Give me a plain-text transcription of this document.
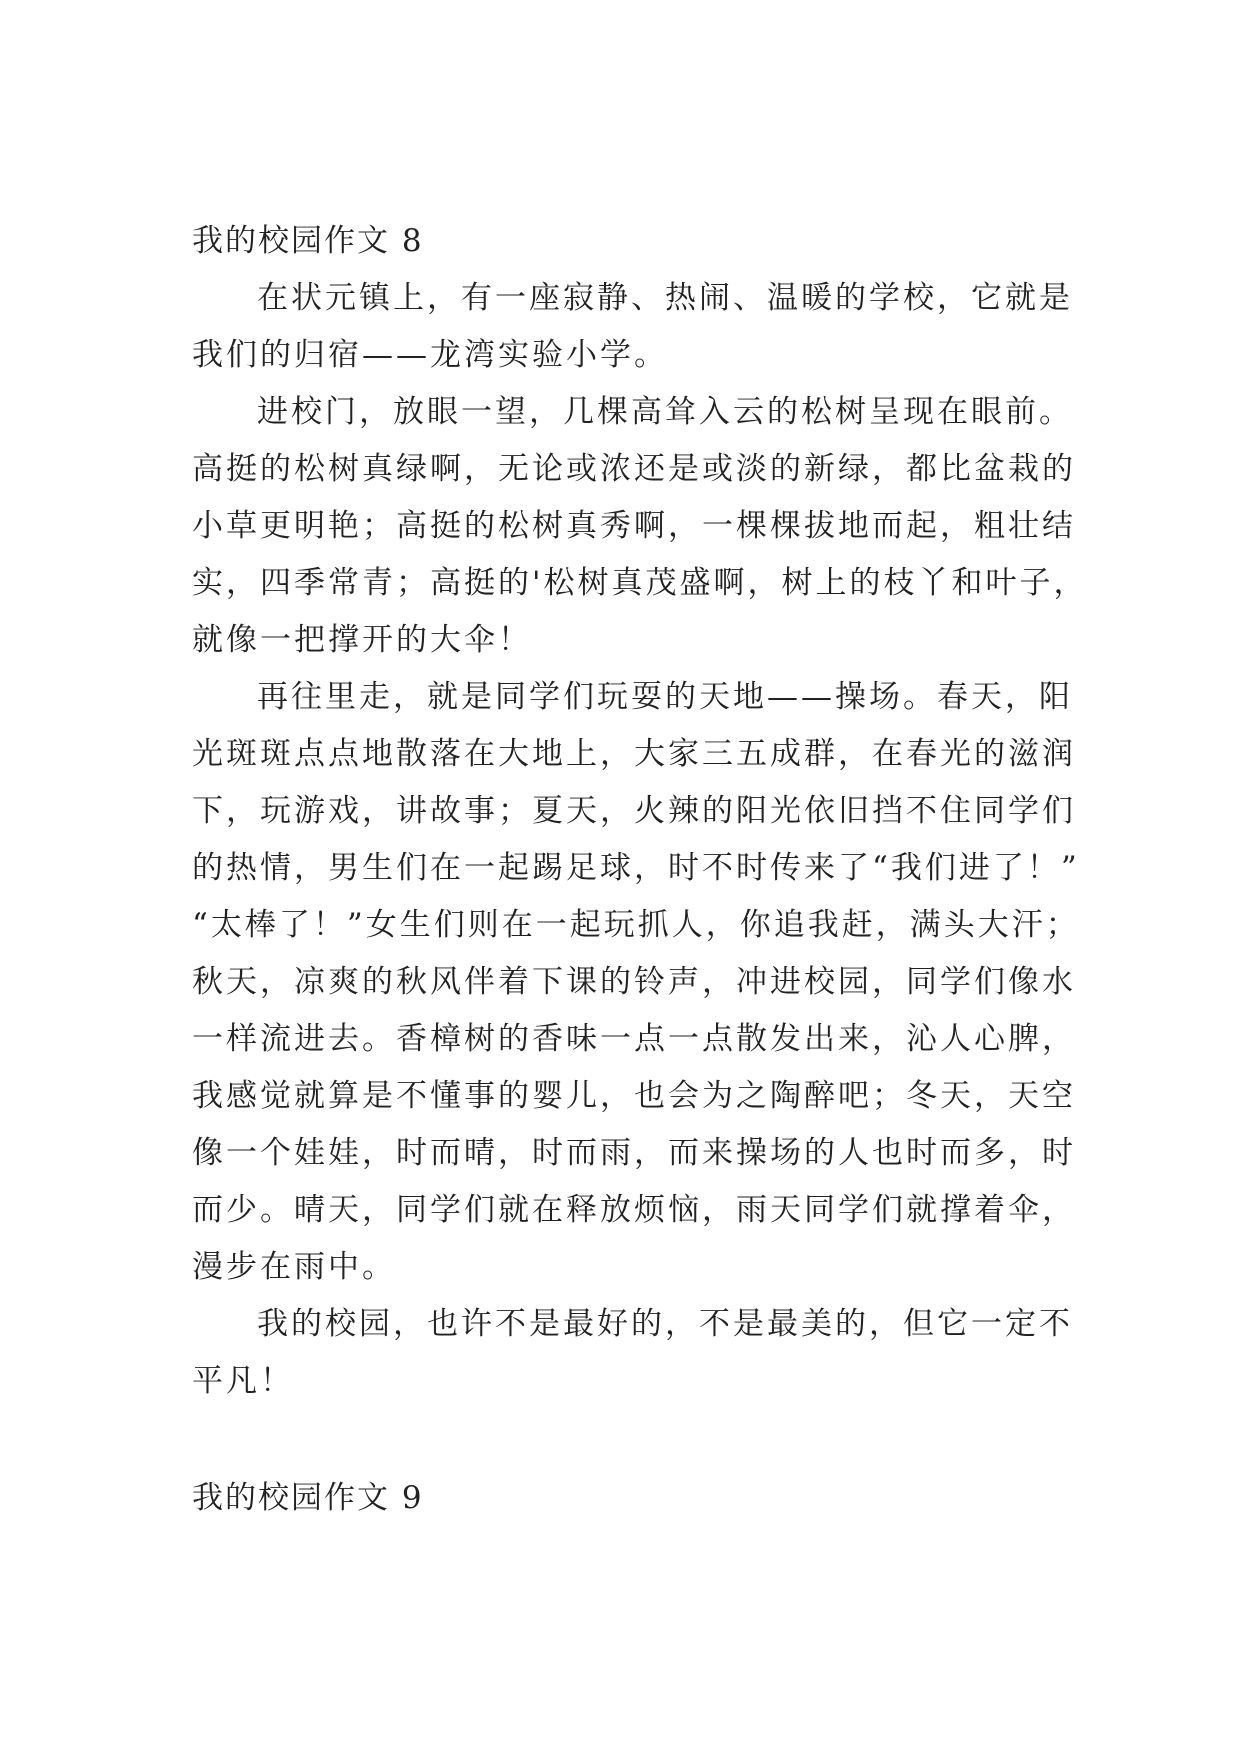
我的校园作文 8
在状元镇上，有一座寂静、热闹、温暖的学校，它就是
我们的归宿——龙湾实验小学。
进校门，放眼一望，几棵高耸入云的松树呈现在眼前。
高挺的松树真绿啊，无论或浓还是或淡的新绿，都比盆栽的
小草更明艳；高挺的松树真秀啊，一棵棵拔地而起，粗壮结
实，四季常青；高挺的'松树真茂盛啊，树上的枝丫和叶子，
就像一把撑开的大伞！
再往里走，就是同学们玩耍的天地——操场。春天，阳
光斑斑点点地散落在大地上，大家三五成群，在春光的滋润
下，玩游戏，讲故事；夏天，火辣的阳光依旧挡不住同学们
的热情，男生们在一起踢足球，时不时传来了“我们进了！”
“太棒了！”女生们则在一起玩抓人，你追我赶，满头大汗；
秋天，凉爽的秋风伴着下课的铃声，冲进校园，同学们像水
一样流进去。香樟树的香味一点一点散发出来，沁人心脾，
我感觉就算是不懂事的婴儿，也会为之陶醉吧；冬天，天空
像一个娃娃，时而晴，时而雨，而来操场的人也时而多，时
而少。晴天，同学们就在释放烦恼，雨天同学们就撑着伞，
漫步在雨中。
我的校园，也许不是最好的，不是最美的，但它一定不
平凡！
我的校园作文 9
